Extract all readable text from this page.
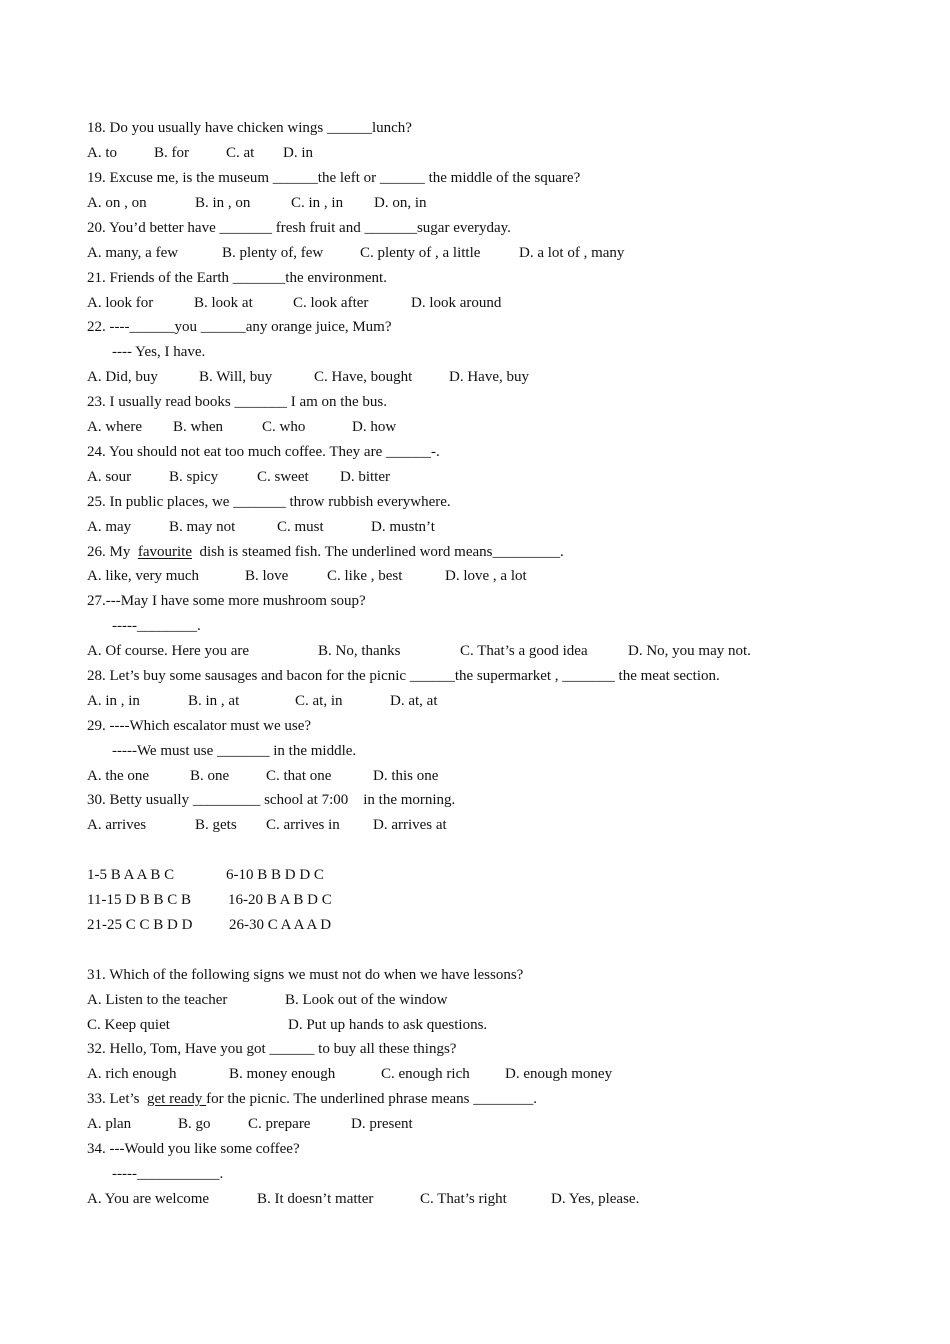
18. Do you usually have chicken wings ______lunch?
A. to B. for C. at D. in
19. Excuse me, is the museum ______the left or ______ the middle of the square?
A. on , on	B. in , on	C. in , in D. on, in
20. You’d better have _______ fresh fruit and _______sugar everyday.
A. many, a few	B. plenty of, few C. plenty of , a little	D. a lot of , many
21. Friends of the Earth _______the environment.
A. look for	B. look at	C. look after	D. look around
22. ----______you ______any orange juice, Mum?
---- Yes, I have.
A. Did, buy	B. Will, buy	C. Have, bought D. Have, buy
23. I usually read books _______ I am on the bus.
A. where B. when	C. who	D. how
24. You should not eat too much coffee. They are ______-.
A. sour	B. spicy	C. sweet D. bitter
25. In public places, we _______ throw rubbish everywhere.
A. may	B. may not	C. must	D. mustn’t
26. My  favourite  dish is steamed fish. The underlined word means_________.
A. like, very much	B. love	C. like , best	D. love , a lot
27.---May I have some more mushroom soup?
-----________.
A. Of course. Here you are	B. No, thanks	C. That’s a good idea	D. No, you may not.
28. Let’s buy some sausages and bacon for the picnic ______the supermarket , _______ the meat section.
A. in , in	B. in , at	C. at, in	D. at, at
29. ----Which escalator must we use?
-----We must use _______ in the middle.
A. the one	B. one C. that one	D. this one
30. Betty usually _________ school at 7:00    in the morning.
A. arrives	B. gets C. arrives in D. arrives at
1-5 B A A B C	6-10 B B D D C
11-15 D B B C B 16-20 B A B D C
21-25 C C B D D 26-30 C A A A D
31. Which of the following signs we must not do when we have lessons?
A. Listen to the teacher	B. Look out of the window
C. Keep quiet	D. Put up hands to ask questions.
32. Hello, Tom, Have you got ______ to buy all these things?
A. rich enough	B. money enough	C. enough rich D. enough money
33. Let’s  get ready for the picnic. The underlined phrase means ________.
A. plan	B. go C. prepare	D. present
34. ---Would you like some coffee?
-----___________.
A. You are welcome	B. It doesn’t matter	C. That’s right	D. Yes, please.
